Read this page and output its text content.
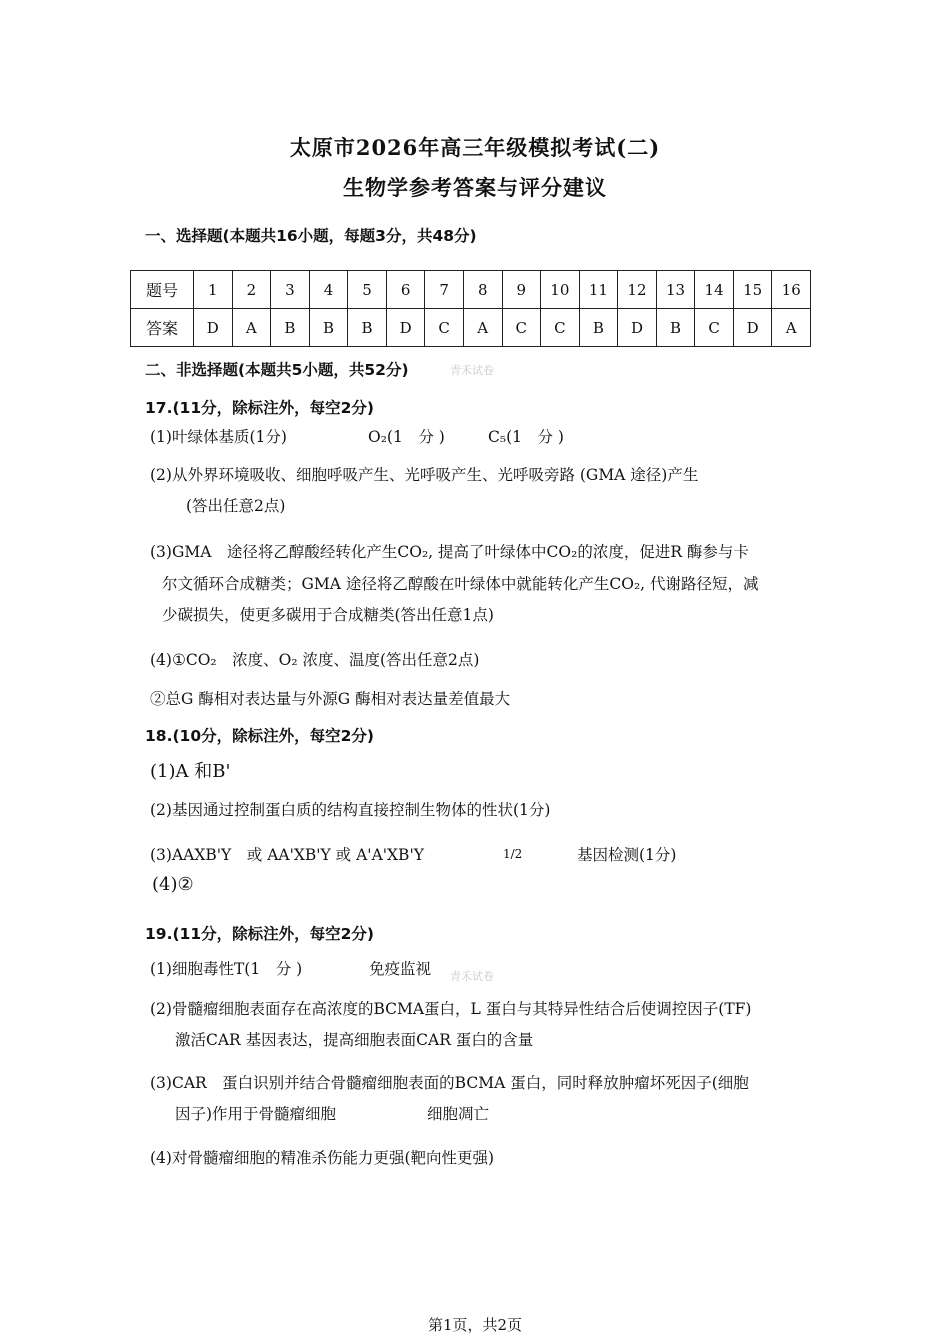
太原市2026年高三年级模拟考试(二)
生物学参考答案与评分建议
一、选择题(本题共16小题，每题3分，共48分)
题号	1	2	3	4	5	6	7	8	9	10	11	12	13	14	15	16
答案	D	A	B	B	B	D	C	A	C	C	B	D	B	C	D	A
二、非选择题(本题共5小题，共52分)	青禾试卷
17.(11分，除标注外，每空2分)
(1)叶绿体基质(1分)	O₂(1　分 )	C₅(1　分 )
(2)从外界环境吸收、细胞呼吸产生、光呼吸产生、光呼吸旁路 (GMA 途径)产生
(答出任意2点)
(3)GMA　途径将乙醇酸经转化产生CO₂, 提高了叶绿体中CO₂的浓度，促进R 酶参与卡
尔文循环合成糖类；GMA 途径将乙醇酸在叶绿体中就能转化产生CO₂, 代谢路径短，减
少碳损失，使更多碳用于合成糖类(答出任意1点)
(4)①CO₂　浓度、O₂ 浓度、温度(答出任意2点)
②总G 酶相对表达量与外源G 酶相对表达量差值最大
18.(10分，除标注外，每空2分)
(1)A 和B'
(2)基因通过控制蛋白质的结构直接控制生物体的性状(1分)
(3)AAXB'Y　或 AA'XB'Y 或 A'A'XB'Y	1/2	基因检测(1分)
(4)②
19.(11分，除标注外，每空2分)
(1)细胞毒性T(1　分 )	免疫监视 青禾试卷
(2)骨髓瘤细胞表面存在高浓度的BCMA蛋白，L 蛋白与其特异性结合后使调控因子(TF)
激活CAR 基因表达，提高细胞表面CAR 蛋白的含量
(3)CAR　蛋白识别并结合骨髓瘤细胞表面的BCMA 蛋白，同时释放肿瘤坏死因子(细胞
因子)作用于骨髓瘤细胞	细胞凋亡
(4)对骨髓瘤细胞的精准杀伤能力更强(靶向性更强)
第1页，共2页
